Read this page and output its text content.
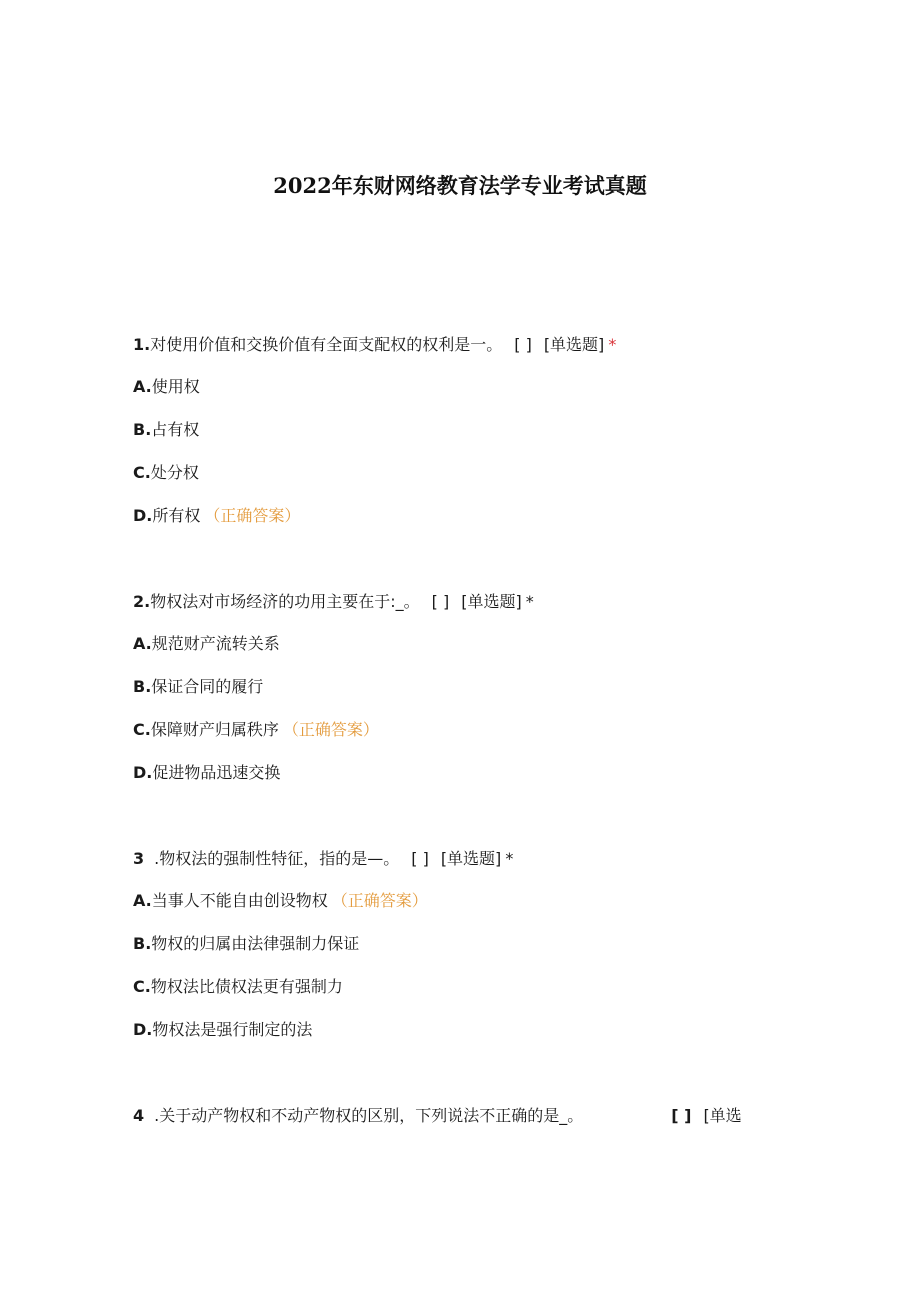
2022年东财网络教育法学专业考试真题
1.对使用价值和交换价值有全面支配权的权利是一。 [ ] [单选题] *
A.使用权
B.占有权
C.处分权
D.所有权 （正确答案）
2.物权法对市场经济的功用主要在于:_。 [ ] [单选题] *
A.规范财产流转关系
B.保证合同的履行
C.保障财产归属秩序 （正确答案）
D.促进物品迅速交换
3 .物权法的强制性特征，指的是—。 [ ] [单选题] *
A.当事人不能自由创设物权 （正确答案）
B.物权的归属由法律强制力保证
C.物权法比债权法更有强制力
D.物权法是强行制定的法
4 .关于动产物权和不动产物权的区别，下列说法不正确的是_。	[ ] [单选
